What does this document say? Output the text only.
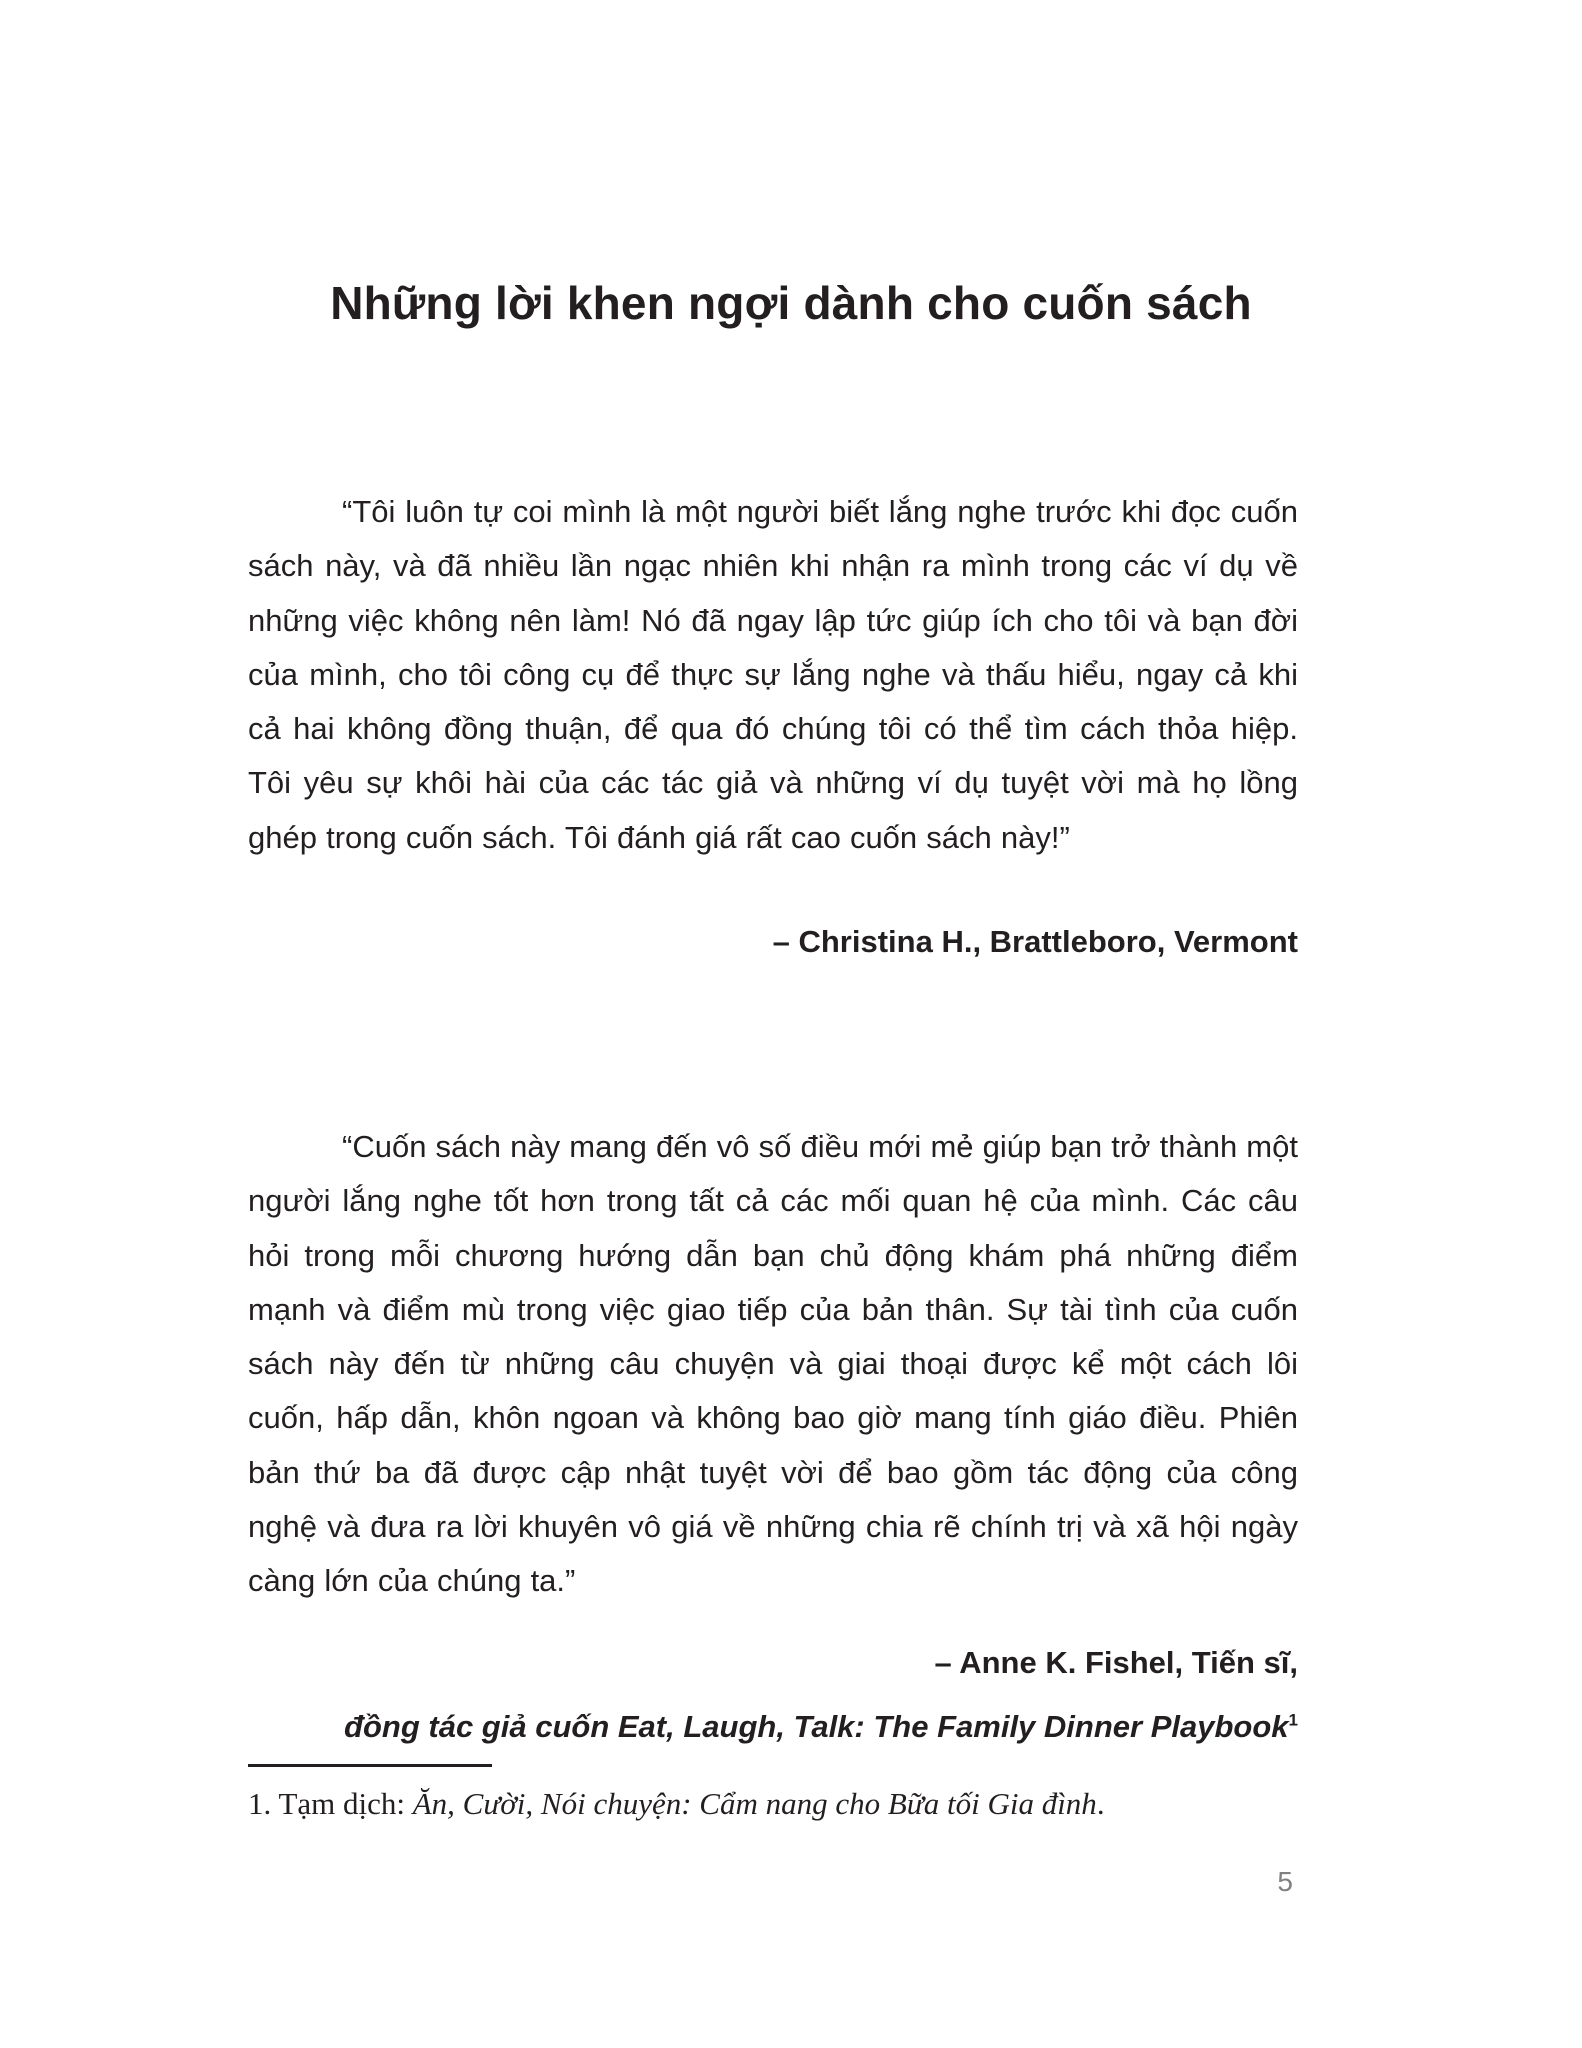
Những lời khen ngợi dành cho cuốn sách

“Tôi luôn tự coi mình là một người biết lắng nghe trước khi đọc cuốn sách này, và đã nhiều lần ngạc nhiên khi nhận ra mình trong các ví dụ về những việc không nên làm! Nó đã ngay lập tức giúp ích cho tôi và bạn đời của mình, cho tôi công cụ để thực sự lắng nghe và thấu hiểu, ngay cả khi cả hai không đồng thuận, để qua đó chúng tôi có thể tìm cách thỏa hiệp. Tôi yêu sự khôi hài của các tác giả và những ví dụ tuyệt vời mà họ lồng ghép trong cuốn sách. Tôi đánh giá rất cao cuốn sách này!”

– Christina H., Brattleboro, Vermont

“Cuốn sách này mang đến vô số điều mới mẻ giúp bạn trở thành một người lắng nghe tốt hơn trong tất cả các mối quan hệ của mình. Các câu hỏi trong mỗi chương hướng dẫn bạn chủ động khám phá những điểm mạnh và điểm mù trong việc giao tiếp của bản thân. Sự tài tình của cuốn sách này đến từ những câu chuyện và giai thoại được kể một cách lôi cuốn, hấp dẫn, khôn ngoan và không bao giờ mang tính giáo điều. Phiên bản thứ ba đã được cập nhật tuyệt vời để bao gồm tác động của công nghệ và đưa ra lời khuyên vô giá về những chia rẽ chính trị và xã hội ngày càng lớn của chúng ta.”

– Anne K. Fishel, Tiến sĩ,

đồng tác giả cuốn Eat, Laugh, Talk: The Family Dinner Playbook$^1$

1. Tạm dịch: Ăn, Cười, Nói chuyện: Cẩm nang cho Bữa tối Gia đình.

5
